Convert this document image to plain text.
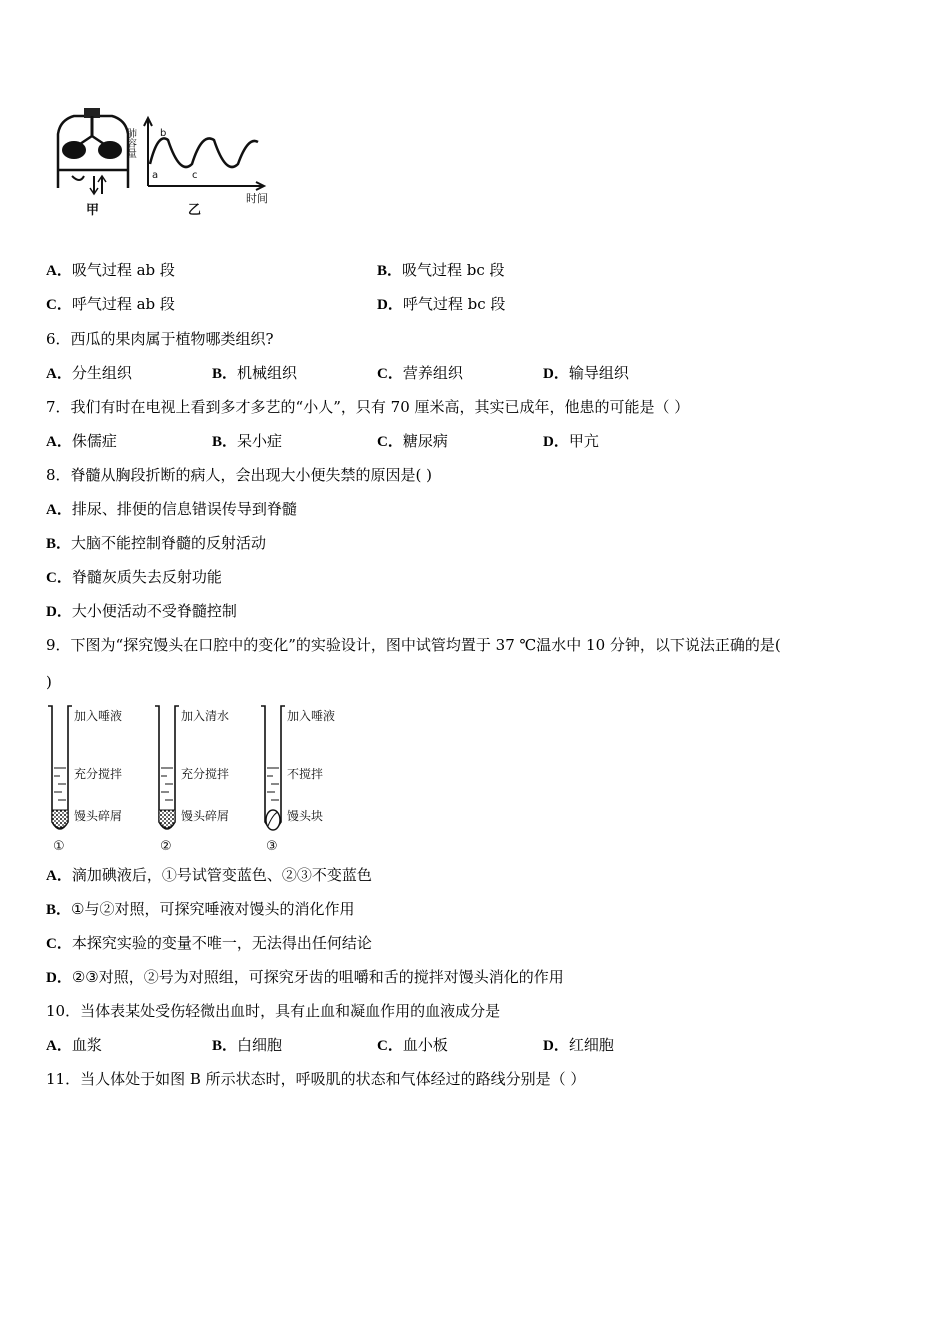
甲
肺容量 b
a	c
时间
乙
A．吸气过程 ab 段	B．吸气过程 bc 段
C．呼气过程 ab 段	D．呼气过程 bc 段
6．西瓜的果肉属于植物哪类组织?
A．分生组织	B．机械组织	C．营养组织	D．输导组织
7．我们有时在电视上看到多才多艺的“小人”，只有 70 厘米高，其实已成年，他患的可能是（ ）
A．侏儒症	B．呆小症	C．糖尿病	D．甲亢
8．脊髓从胸段折断的病人，会出现大小便失禁的原因是( )
A．排尿、排便的信息错误传导到脊髓
B．大脑不能控制脊髓的反射活动
C．脊髓灰质失去反射功能
D．大小便活动不受脊髓控制
9．下图为“探究馒头在口腔中的变化”的实验设计，图中试管均置于 37 ℃温水中 10 分钟，以下说法正确的是(
)
加入唾液
充分搅拌
馒头碎屑
①
加入清水
充分搅拌
馒头碎屑
②
加入唾液
不搅拌
馒头块
③
A．滴加碘液后，①号试管变蓝色、②③不变蓝色
B．①与②对照，可探究唾液对馒头的消化作用
C．本探究实验的变量不唯一，无法得出任何结论
D．②③对照，②号为对照组，可探究牙齿的咀嚼和舌的搅拌对馒头消化的作用
10．当体表某处受伤轻微出血时，具有止血和凝血作用的血液成分是
A．血浆	B．白细胞	C．血小板	D．红细胞
11．当人体处于如图 B 所示状态时，呼吸肌的状态和气体经过的路线分别是（ ）
